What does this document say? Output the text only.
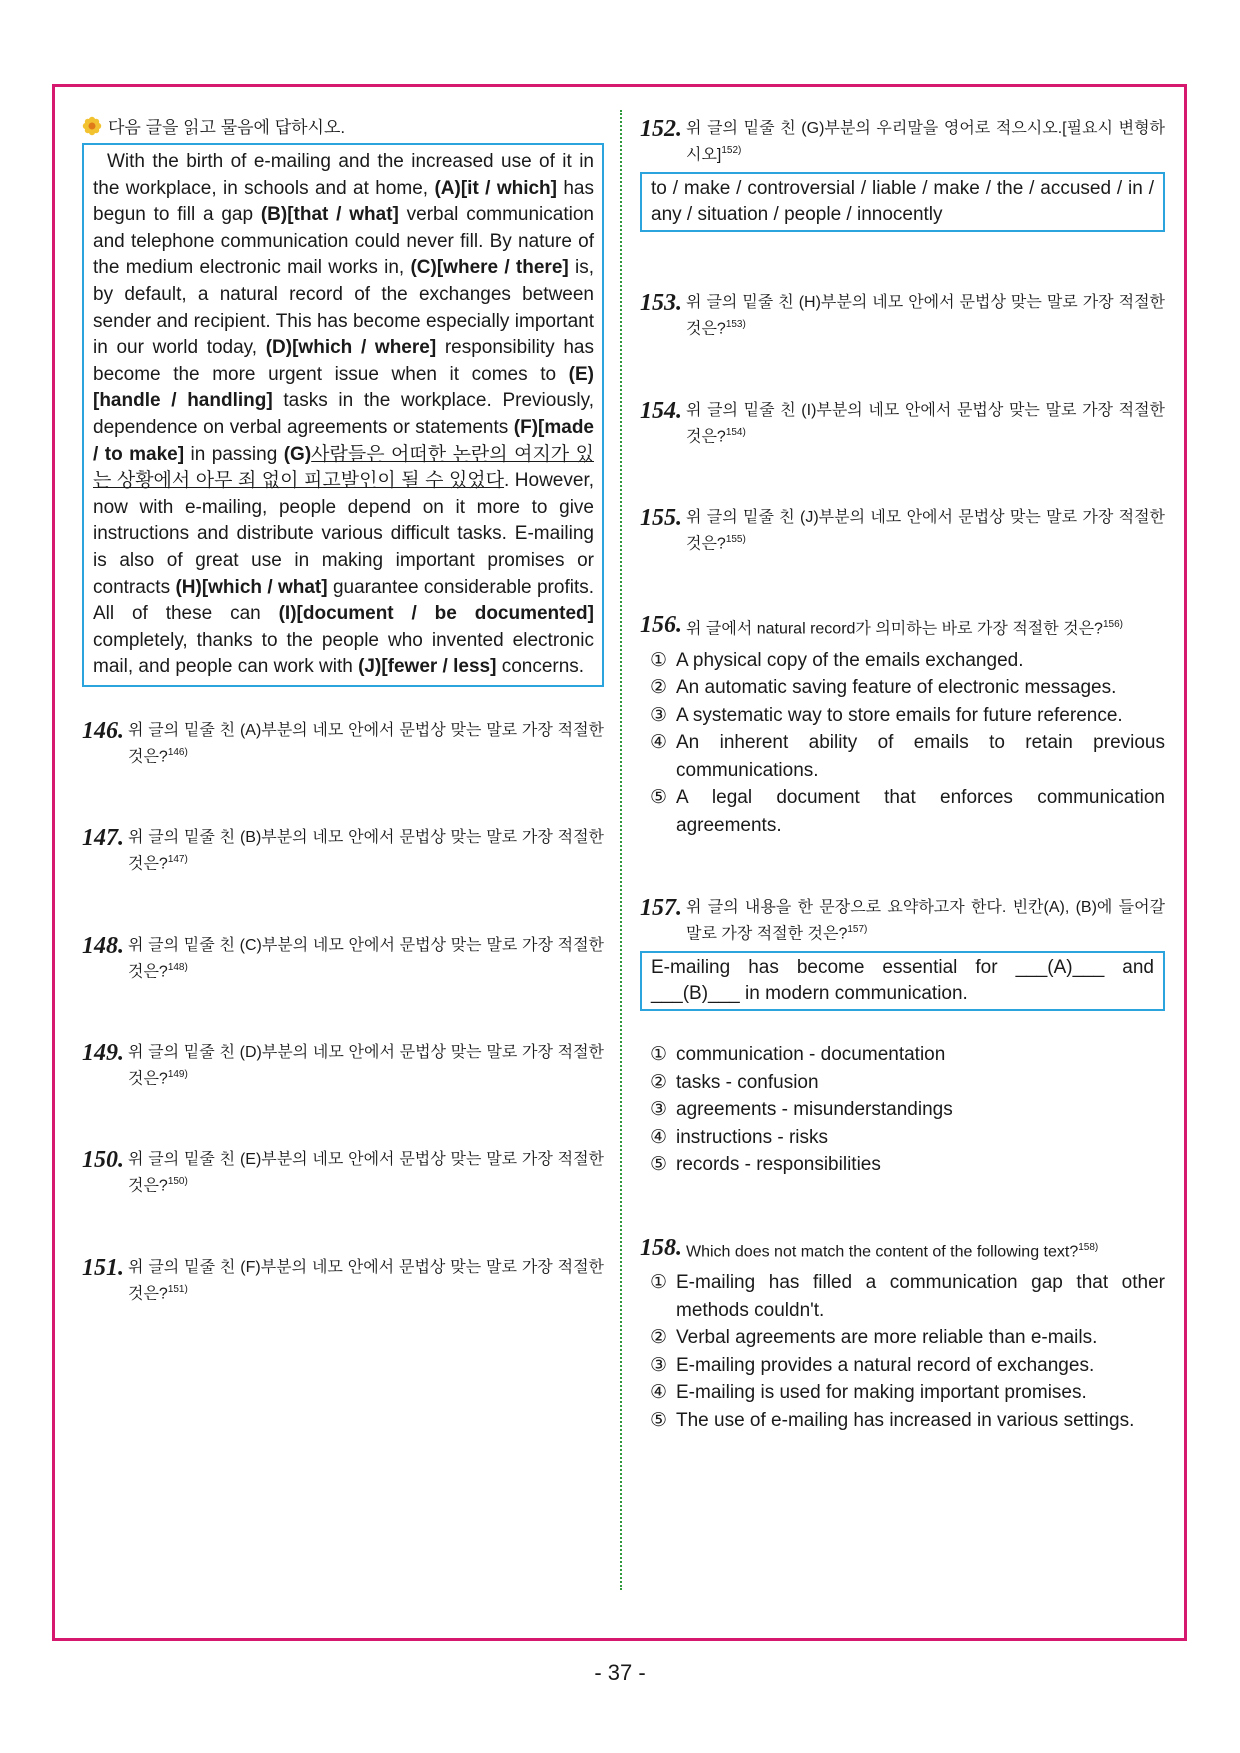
다음 글을 읽고 물음에 답하시오.

With the birth of e-mailing and the increased use of it in the workplace, in schools and at home, (A)[it / which] has begun to fill a gap (B)[that / what] verbal communication and telephone communication could never fill. By nature of the medium electronic mail works in, (C)[where / there] is, by default, a natural record of the exchanges between sender and recipient. This has become especially important in our world today, (D)[which / where] responsibility has become the more urgent issue when it comes to (E)[handle / handling] tasks in the workplace. Previously, dependence on verbal agreements or statements (F)[made / to make] in passing (G)사람들은 어떠한 논란의 여지가 있는 상황에서 아무 죄 없이 피고발인이 될 수 있었다. However, now with e-mailing, people depend on it more to give instructions and distribute various difficult tasks. E-mailing is also of great use in making important promises or contracts (H)[which / what] guarantee considerable profits. All of these can (I)[document / be documented] completely, thanks to the people who invented electronic mail, and people can work with (J)[fewer / less] concerns.

146. 위 글의 밑줄 친 (A)부분의 네모 안에서 문법상 맞는 말로 가장 적절한 것은?$^{146)}$
147. 위 글의 밑줄 친 (B)부분의 네모 안에서 문법상 맞는 말로 가장 적절한 것은?$^{147)}$
148. 위 글의 밑줄 친 (C)부분의 네모 안에서 문법상 맞는 말로 가장 적절한 것은?$^{148)}$
149. 위 글의 밑줄 친 (D)부분의 네모 안에서 문법상 맞는 말로 가장 적절한 것은?$^{149)}$
150. 위 글의 밑줄 친 (E)부분의 네모 안에서 문법상 맞는 말로 가장 적절한 것은?$^{150)}$
151. 위 글의 밑줄 친 (F)부분의 네모 안에서 문법상 맞는 말로 가장 적절한 것은?$^{151)}$
152. 위 글의 밑줄 친 (G)부분의 우리말을 영어로 적으시오.[필요시 변형하시오]$^{152)}$
to / make / controversial / liable / make / the / accused / in / any / situation / people / innocently
153. 위 글의 밑줄 친 (H)부분의 네모 안에서 문법상 맞는 말로 가장 적절한 것은?$^{153)}$
154. 위 글의 밑줄 친 (I)부분의 네모 안에서 문법상 맞는 말로 가장 적절한 것은?$^{154)}$
155. 위 글의 밑줄 친 (J)부분의 네모 안에서 문법상 맞는 말로 가장 적절한 것은?$^{155)}$
156. 위 글에서 natural record가 의미하는 바로 가장 적절한 것은?$^{156)}$
① A physical copy of the emails exchanged.
② An automatic saving feature of electronic messages.
③ A systematic way to store emails for future reference.
④ An inherent ability of emails to retain previous communications.
⑤ A legal document that enforces communication agreements.
157. 위 글의 내용을 한 문장으로 요약하고자 한다. 빈칸(A), (B)에 들어갈 말로 가장 적절한 것은?$^{157)}$
E-mailing has become essential for ___(A)___ and ___(B)___ in modern communication.
① communication - documentation
② tasks - confusion
③ agreements - misunderstandings
④ instructions - risks
⑤ records - responsibilities
158. Which does not match the content of the following text?$^{158)}$
① E-mailing has filled a communication gap that other methods couldn't.
② Verbal agreements are more reliable than e-mails.
③ E-mailing provides a natural record of exchanges.
④ E-mailing is used for making important promises.
⑤ The use of e-mailing has increased in various settings.
- 37 -
